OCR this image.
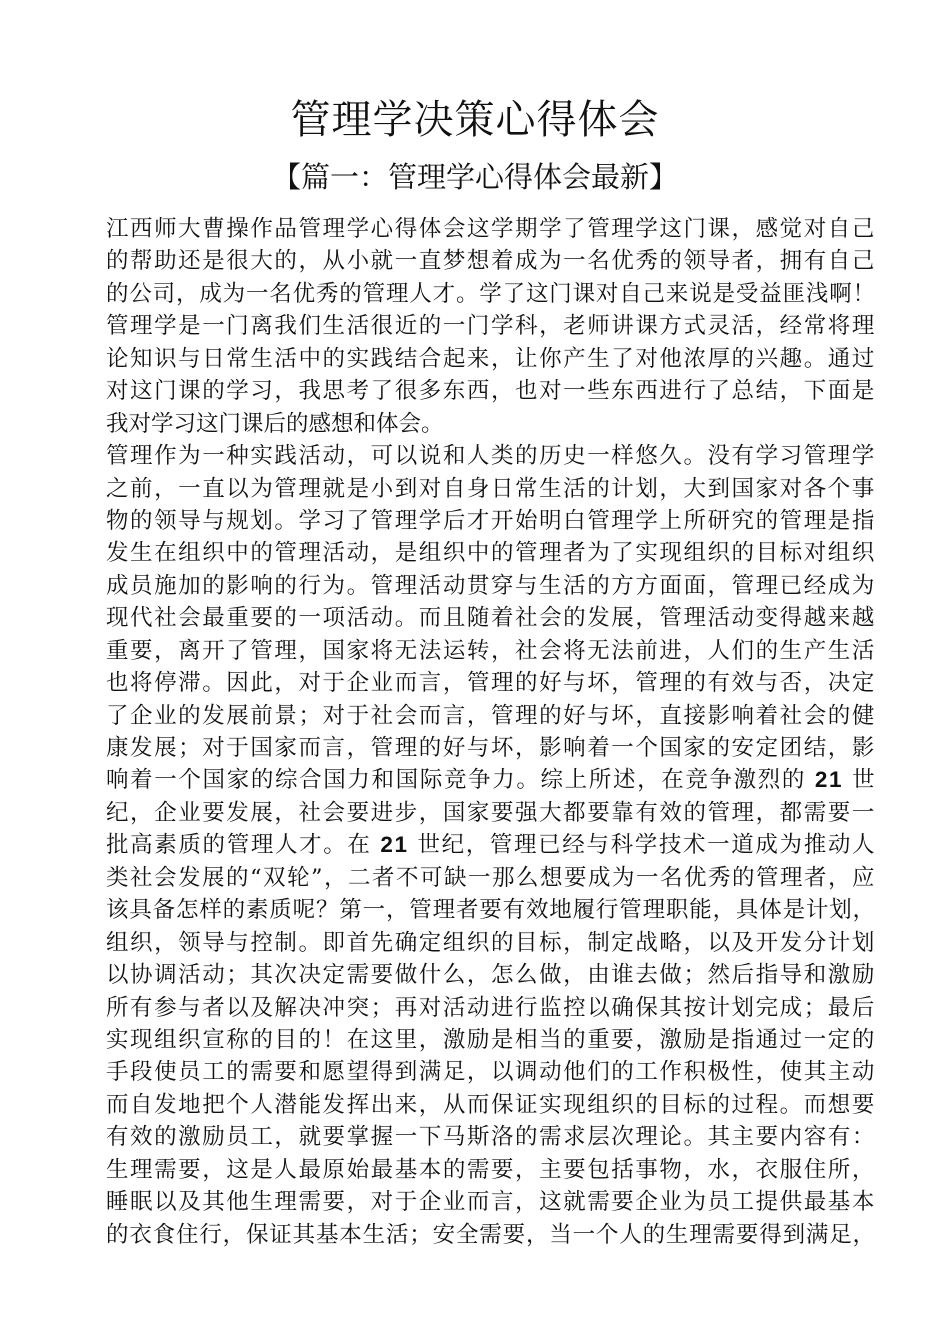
管理学决策心得体会
【篇一：管理学心得体会最新】
江西师大曹操作品管理学心得体会这学期学了管理学这门课，感觉对自己
的帮助还是很大的，从小就一直梦想着成为一名优秀的领导者，拥有自己
的公司，成为一名优秀的管理人才。学了这门课对自己来说是受益匪浅啊！
管理学是一门离我们生活很近的一门学科，老师讲课方式灵活，经常将理
论知识与日常生活中的实践结合起来，让你产生了对他浓厚的兴趣。通过
对这门课的学习，我思考了很多东西，也对一些东西进行了总结，下面是
我对学习这门课后的感想和体会。
管理作为一种实践活动，可以说和人类的历史一样悠久。没有学习管理学
之前，一直以为管理就是小到对自身日常生活的计划，大到国家对各个事
物的领导与规划。学习了管理学后才开始明白管理学上所研究的管理是指
发生在组织中的管理活动，是组织中的管理者为了实现组织的目标对组织
成员施加的影响的行为。管理活动贯穿与生活的方方面面，管理已经成为
现代社会最重要的一项活动。而且随着社会的发展，管理活动变得越来越
重要，离开了管理，国家将无法运转，社会将无法前进，人们的生产生活
也将停滞。因此，对于企业而言，管理的好与坏，管理的有效与否，决定
了企业的发展前景；对于社会而言，管理的好与坏，直接影响着社会的健
康发展；对于国家而言，管理的好与坏，影响着一个国家的安定团结，影
响着一个国家的综合国力和国际竞争力。综上所述，在竞争激烈的 21 世
纪，企业要发展，社会要进步，国家要强大都要靠有效的管理，都需要一
批高素质的管理人才。在 21 世纪，管理已经与科学技术一道成为推动人
类社会发展的“双轮”，二者不可缺一那么想要成为一名优秀的管理者，应
该具备怎样的素质呢？第一，管理者要有效地履行管理职能，具体是计划，
组织，领导与控制。即首先确定组织的目标，制定战略，以及开发分计划
以协调活动；其次决定需要做什么，怎么做，由谁去做；然后指导和激励
所有参与者以及解决冲突；再对活动进行监控以确保其按计划完成；最后
实现组织宣称的目的！在这里，激励是相当的重要，激励是指通过一定的
手段使员工的需要和愿望得到满足，以调动他们的工作积极性，使其主动
而自发地把个人潜能发挥出来，从而保证实现组织的目标的过程。而想要
有效的激励员工，就要掌握一下马斯洛的需求层次理论。其主要内容有：
生理需要，这是人最原始最基本的需要，主要包括事物，水，衣服住所，
睡眠以及其他生理需要，对于企业而言，这就需要企业为员工提供最基本
的衣食住行，保证其基本生活；安全需要，当一个人的生理需要得到满足，
